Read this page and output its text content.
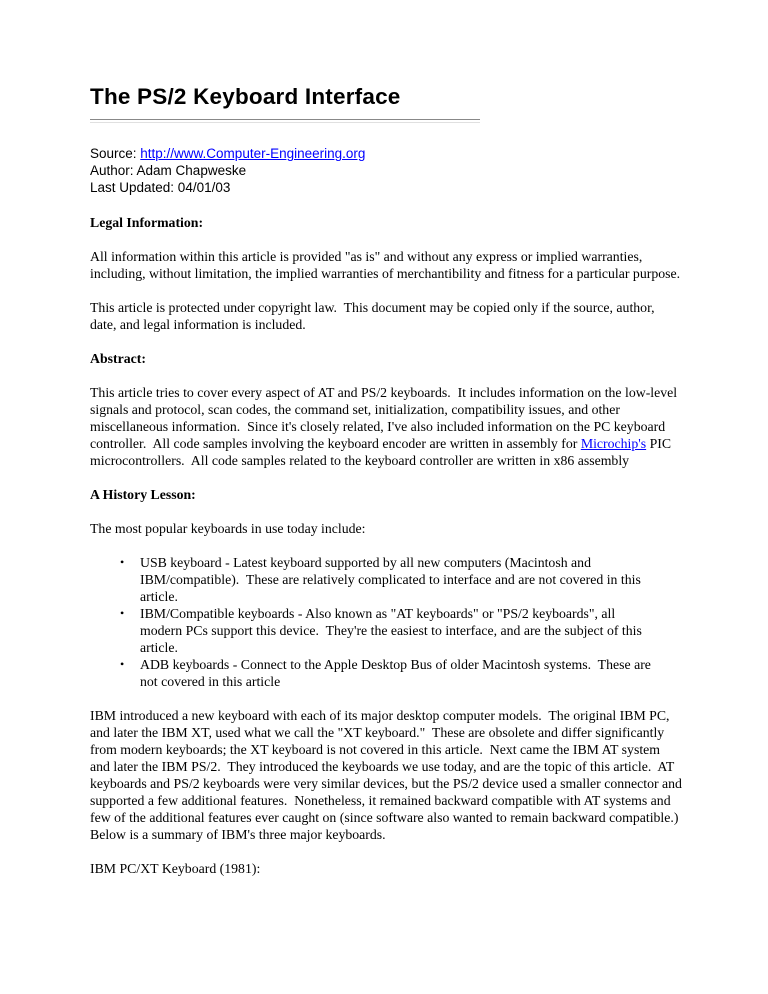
The PS/2 Keyboard Interface

Source: http://www.Computer-Engineering.org

Author: Adam Chapweske

Last Updated: 04/01/03

Legal Information:

All information within this article is provided "as is" and without any express or implied warranties, including, without limitation, the implied warranties of merchantibility and fitness for a particular purpose.

This article is protected under copyright law.  This document may be copied only if the source, author, date, and legal information is included.

Abstract:

This article tries to cover every aspect of AT and PS/2 keyboards.  It includes information on the low-level signals and protocol, scan codes, the command set, initialization, compatibility issues, and other miscellaneous information.  Since it's closely related, I've also included information on the PC keyboard controller.  All code samples involving the keyboard encoder are written in assembly for Microchip's PIC microcontrollers.  All code samples related to the keyboard controller are written in x86 assembly

A History Lesson:

The most popular keyboards in use today include:

•	USB keyboard - Latest keyboard supported by all new computers (Macintosh and IBM/compatible).  These are relatively complicated to interface and are not covered in this article.
•	IBM/Compatible keyboards - Also known as "AT keyboards" or "PS/2 keyboards", all modern PCs support this device.  They're the easiest to interface, and are the subject of this article.
•	ADB keyboards - Connect to the Apple Desktop Bus of older Macintosh systems.  These are not covered in this article

IBM introduced a new keyboard with each of its major desktop computer models.  The original IBM PC, and later the IBM XT, used what we call the "XT keyboard."  These are obsolete and differ significantly from modern keyboards; the XT keyboard is not covered in this article.  Next came the IBM AT system and later the IBM PS/2.  They introduced the keyboards we use today, and are the topic of this article.  AT keyboards and PS/2 keyboards were very similar devices, but the PS/2 device used a smaller connector and supported a few additional features.  Nonetheless, it remained backward compatible with AT systems and few of the additional features ever caught on (since software also wanted to remain backward compatible.)  Below is a summary of IBM's three major keyboards.

IBM PC/XT Keyboard (1981):
